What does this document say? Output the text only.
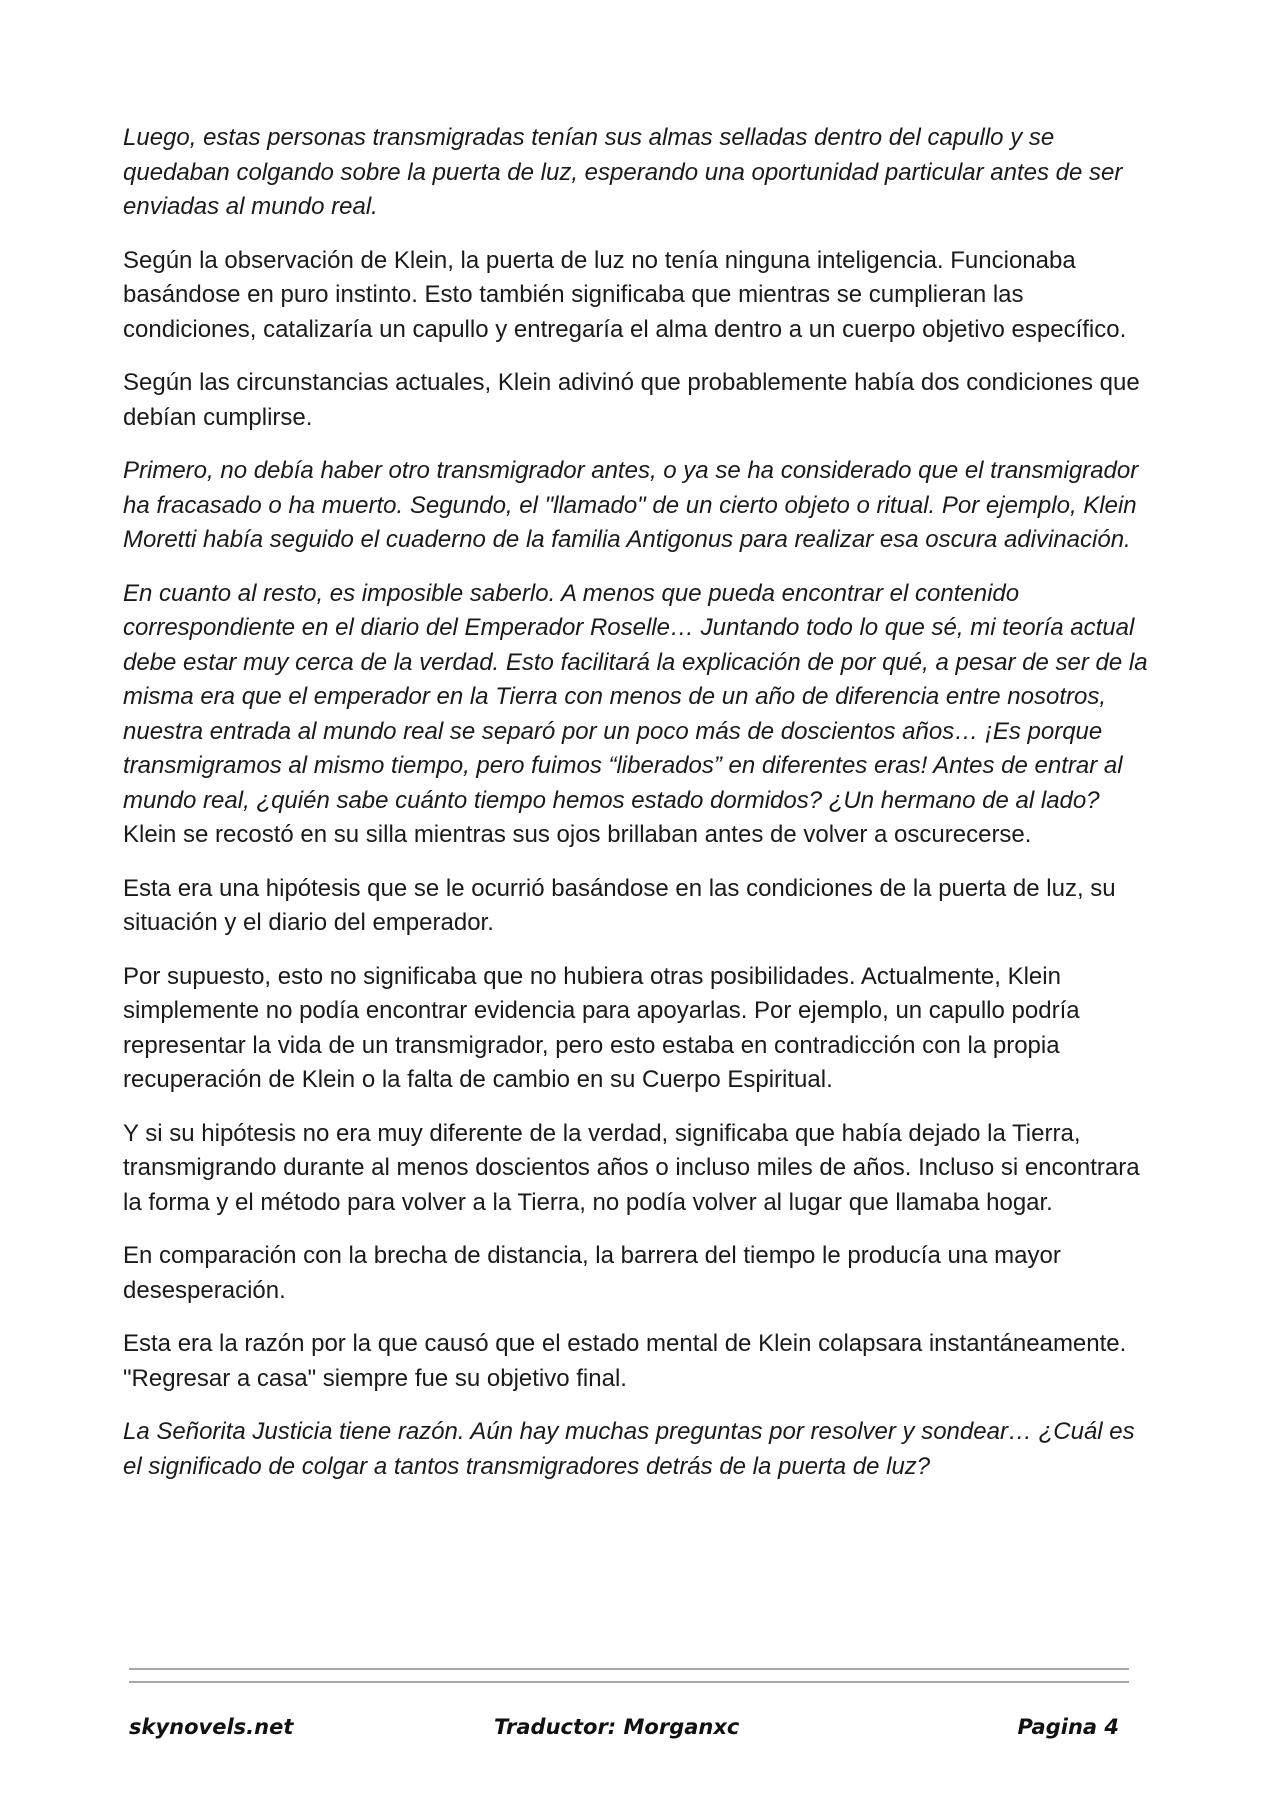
Luego, estas personas transmigradas tenían sus almas selladas dentro del capullo y se quedaban colgando sobre la puerta de luz, esperando una oportunidad particular antes de ser enviadas al mundo real.

Según la observación de Klein, la puerta de luz no tenía ninguna inteligencia. Funcionaba basándose en puro instinto. Esto también significaba que mientras se cumplieran las condiciones, catalizaría un capullo y entregaría el alma dentro a un cuerpo objetivo específico.

Según las circunstancias actuales, Klein adivinó que probablemente había dos condiciones que debían cumplirse.

Primero, no debía haber otro transmigrador antes, o ya se ha considerado que el transmigrador ha fracasado o ha muerto. Segundo, el "llamado" de un cierto objeto o ritual. Por ejemplo, Klein Moretti había seguido el cuaderno de la familia Antigonus para realizar esa oscura adivinación.

En cuanto al resto, es imposible saberlo. A menos que pueda encontrar el contenido correspondiente en el diario del Emperador Roselle… Juntando todo lo que sé, mi teoría actual debe estar muy cerca de la verdad. Esto facilitará la explicación de por qué, a pesar de ser de la misma era que el emperador en la Tierra con menos de un año de diferencia entre nosotros, nuestra entrada al mundo real se separó por un poco más de doscientos años… ¡Es porque transmigramos al mismo tiempo, pero fuimos “liberados” en diferentes eras! Antes de entrar al mundo real, ¿quién sabe cuánto tiempo hemos estado dormidos? ¿Un hermano de al lado? Klein se recostó en su silla mientras sus ojos brillaban antes de volver a oscurecerse.

Esta era una hipótesis que se le ocurrió basándose en las condiciones de la puerta de luz, su situación y el diario del emperador.

Por supuesto, esto no significaba que no hubiera otras posibilidades. Actualmente, Klein simplemente no podía encontrar evidencia para apoyarlas. Por ejemplo, un capullo podría representar la vida de un transmigrador, pero esto estaba en contradicción con la propia recuperación de Klein o la falta de cambio en su Cuerpo Espiritual.

Y si su hipótesis no era muy diferente de la verdad, significaba que había dejado la Tierra, transmigrando durante al menos doscientos años o incluso miles de años. Incluso si encontrara la forma y el método para volver a la Tierra, no podía volver al lugar que llamaba hogar.

En comparación con la brecha de distancia, la barrera del tiempo le producía una mayor desesperación.

Esta era la razón por la que causó que el estado mental de Klein colapsara instantáneamente. "Regresar a casa" siempre fue su objetivo final.

La Señorita Justicia tiene razón. Aún hay muchas preguntas por resolver y sondear… ¿Cuál es el significado de colgar a tantos transmigradores detrás de la puerta de luz?

skynovels.net	Traductor: Morganxc	Pagina 4
